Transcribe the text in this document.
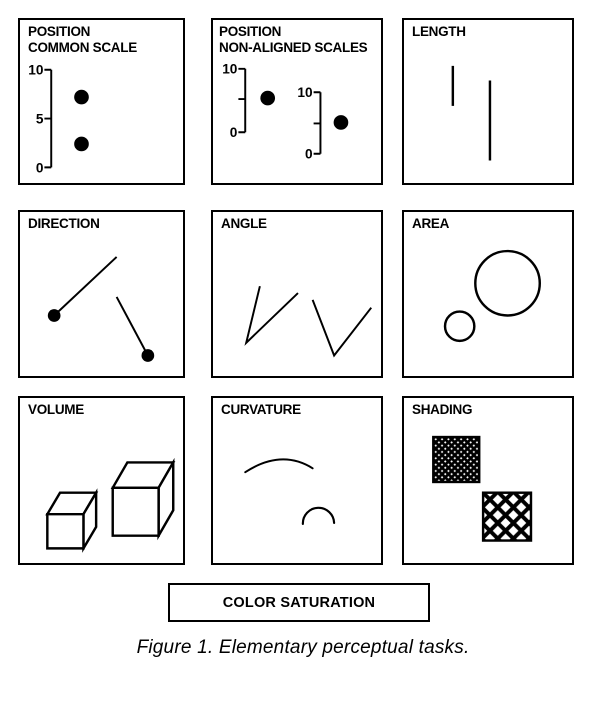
POSITION
COMMON SCALE
10
5
0
POSITION
NON-ALIGNED SCALES
10
0
10
0
LENGTH
DIRECTION	ANGLE	AREA
VOLUME	CURVATURE	SHADING
COLOR SATURATION
Figure 1. Elementary perceptual tasks.
